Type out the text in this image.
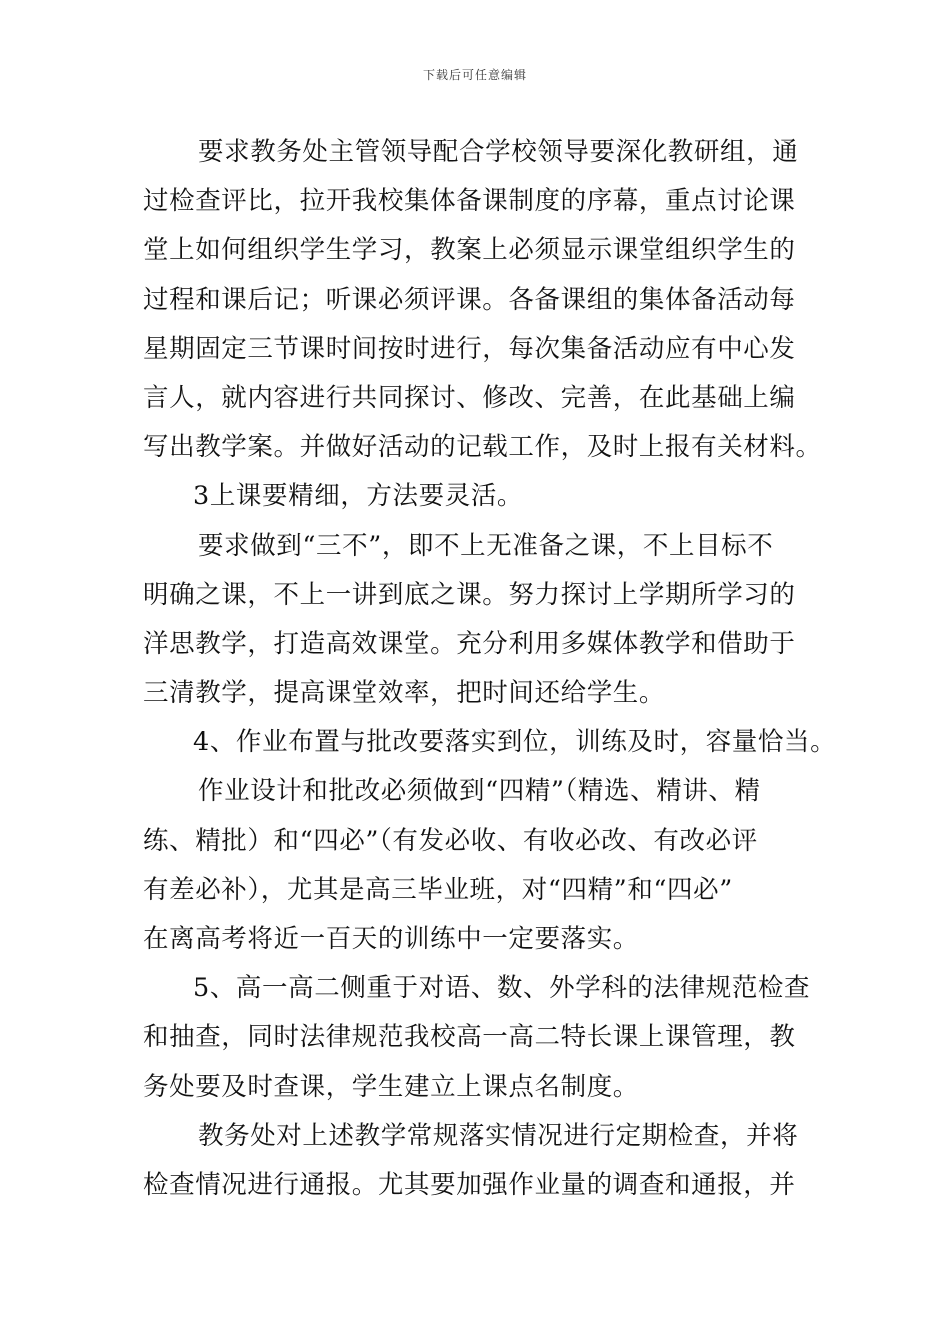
下载后可任意编辑
要求教务处主管领导配合学校领导要深化教研组，通
过检查评比，拉开我校集体备课制度的序幕，重点讨论课
堂上如何组织学生学习，教案上必须显示课堂组织学生的
过程和课后记；听课必须评课。各备课组的集体备活动每
星期固定三节课时间按时进行，每次集备活动应有中心发
言人，就内容进行共同探讨、修改、完善，在此基础上编
写出教学案。并做好活动的记载工作，及时上报有关材料。
3上课要精细，方法要灵活。
要求做到“三不”，即不上无准备之课，不上目标不
明确之课，不上一讲到底之课。努力探讨上学期所学习的
洋思教学，打造高效课堂。充分利用多媒体教学和借助于
三清教学，提高课堂效率，把时间还给学生。
4、作业布置与批改要落实到位，训练及时，容量恰当。
作业设计和批改必须做到“四精”（精选、精讲、精
练、精批）和“四必”（有发必收、有收必改、有改必评
有差必补），尤其是高三毕业班，对“四精”和“四必”
在离高考将近一百天的训练中一定要落实。
5、高一高二侧重于对语、数、外学科的法律规范检查
和抽查，同时法律规范我校高一高二特长课上课管理，教
务处要及时查课，学生建立上课点名制度。
教务处对上述教学常规落实情况进行定期检查，并将
检查情况进行通报。尤其要加强作业量的调查和通报，并
